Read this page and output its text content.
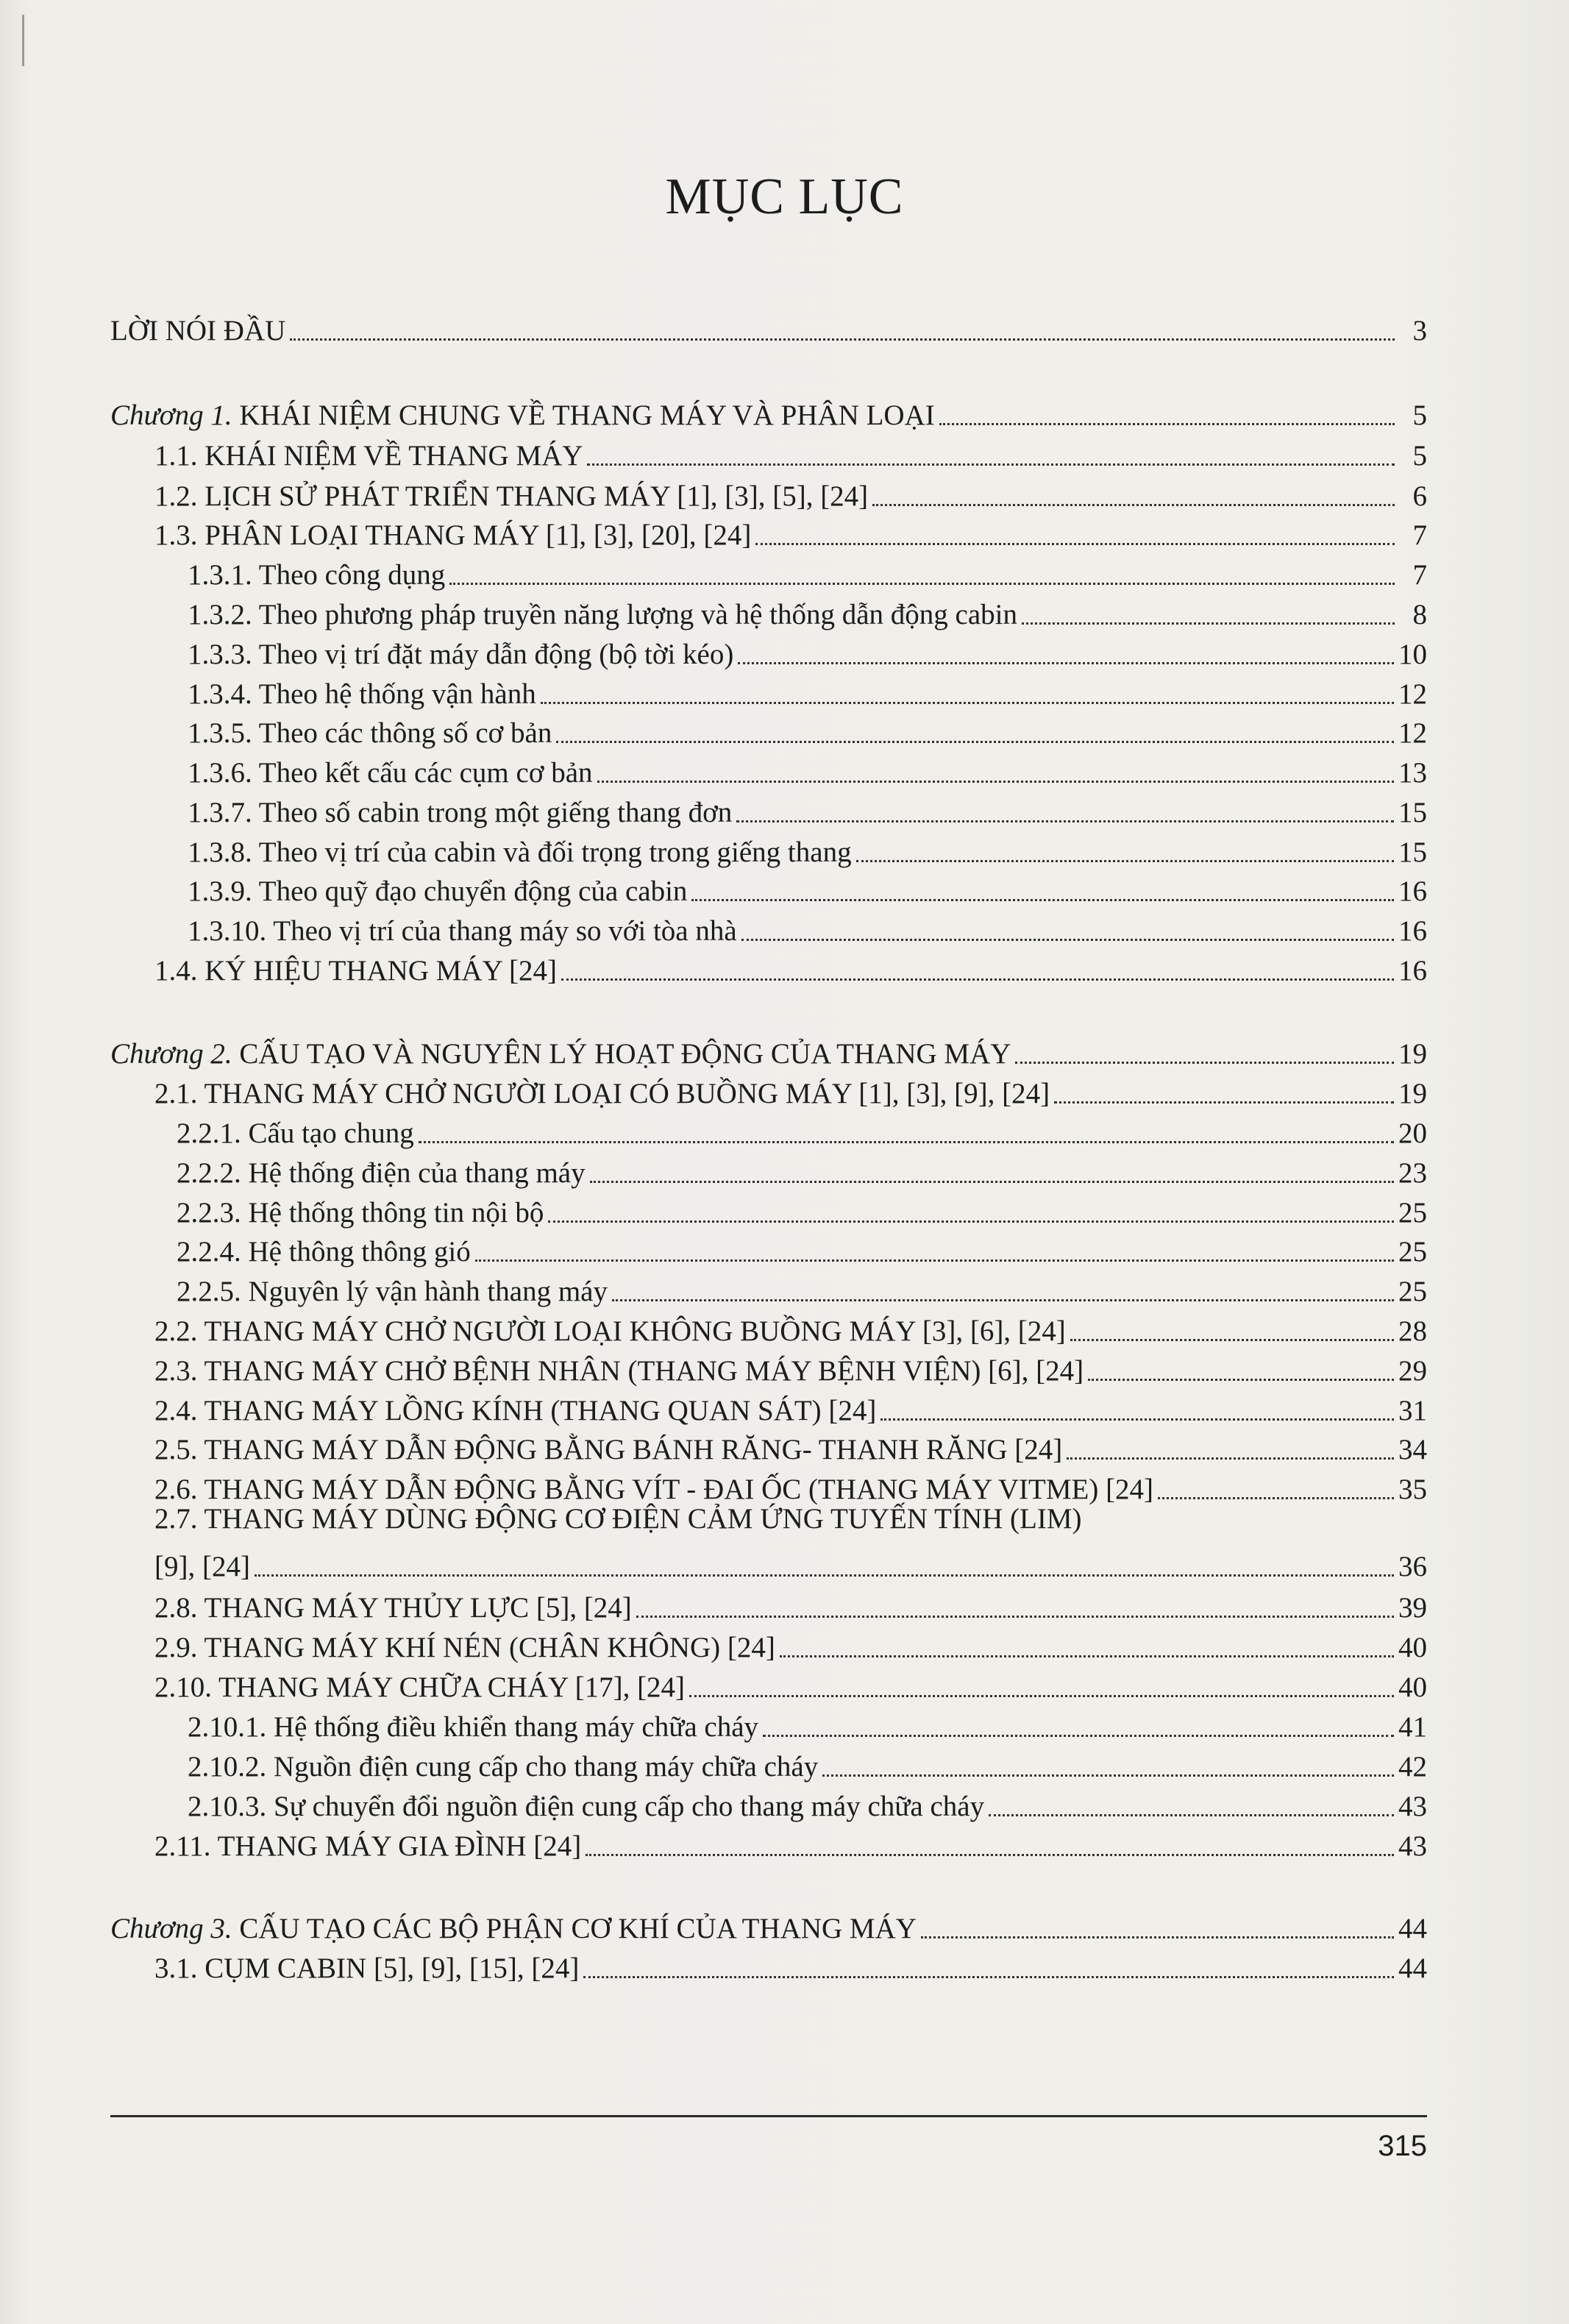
MỤC LỤC
LỜI NÓI ĐẦU	3
Chương 1. KHÁI NIỆM CHUNG VỀ THANG MÁY VÀ PHÂN LOẠI	5
1.1. KHÁI NIỆM VỀ THANG MÁY	5
1.2. LỊCH SỬ PHÁT TRIỂN THANG MÁY [1], [3], [5], [24]	6
1.3. PHÂN LOẠI THANG MÁY [1], [3], [20], [24]	7
1.3.1. Theo công dụng	7
1.3.2. Theo phương pháp truyền năng lượng và hệ thống dẫn động cabin	8
1.3.3. Theo vị trí đặt máy dẫn động (bộ tời kéo)	10
1.3.4. Theo hệ thống vận hành	12
1.3.5. Theo các thông số cơ bản	12
1.3.6. Theo kết cấu các cụm cơ bản	13
1.3.7. Theo số cabin trong một giếng thang đơn	15
1.3.8. Theo vị trí của cabin và đối trọng trong giếng thang	15
1.3.9. Theo quỹ đạo chuyển động của cabin	16
1.3.10. Theo vị trí của thang máy so với tòa nhà	16
1.4. KÝ HIỆU THANG MÁY [24]	16
Chương 2. CẤU TẠO VÀ NGUYÊN LÝ HOẠT ĐỘNG CỦA THANG MÁY	19
2.1. THANG MÁY CHỞ NGƯỜI LOẠI CÓ BUỒNG MÁY [1], [3], [9], [24]	19
2.2.1. Cấu tạo chung	20
2.2.2. Hệ thống điện của thang máy	23
2.2.3. Hệ thống thông tin nội bộ	25
2.2.4. Hệ thông thông gió	25
2.2.5. Nguyên lý vận hành thang máy	25
2.2. THANG MÁY CHỞ NGƯỜI LOẠI KHÔNG BUỒNG MÁY [3], [6], [24]	28
2.3. THANG MÁY CHỞ BỆNH NHÂN (THANG MÁY BỆNH VIỆN) [6], [24]	29
2.4. THANG MÁY LỒNG KÍNH (THANG QUAN SÁT) [24]	31
2.5. THANG MÁY DẪN ĐỘNG BẰNG BÁNH RĂNG- THANH RĂNG [24]	34
2.6. THANG MÁY DẪN ĐỘNG BẰNG VÍT - ĐAI ỐC (THANG MÁY VITME) [24]	35
2.7. THANG MÁY DÙNG ĐỘNG CƠ ĐIỆN CẢM ỨNG TUYẾN TÍNH (LIM)
[9], [24]	36
2.8. THANG MÁY THỦY LỰC [5], [24]	39
2.9. THANG MÁY KHÍ NÉN (CHÂN KHÔNG) [24]	40
2.10. THANG MÁY CHỮA CHÁY [17], [24]	40
2.10.1. Hệ thống điều khiển thang máy chữa cháy	41
2.10.2. Nguồn điện cung cấp cho thang máy chữa cháy	42
2.10.3. Sự chuyển đổi nguồn điện cung cấp cho thang máy chữa cháy	43
2.11. THANG MÁY GIA ĐÌNH [24]	43
Chương 3. CẤU TẠO CÁC BỘ PHẬN CƠ KHÍ CỦA THANG MÁY	44
3.1. CỤM CABIN [5], [9], [15], [24]	44
315
